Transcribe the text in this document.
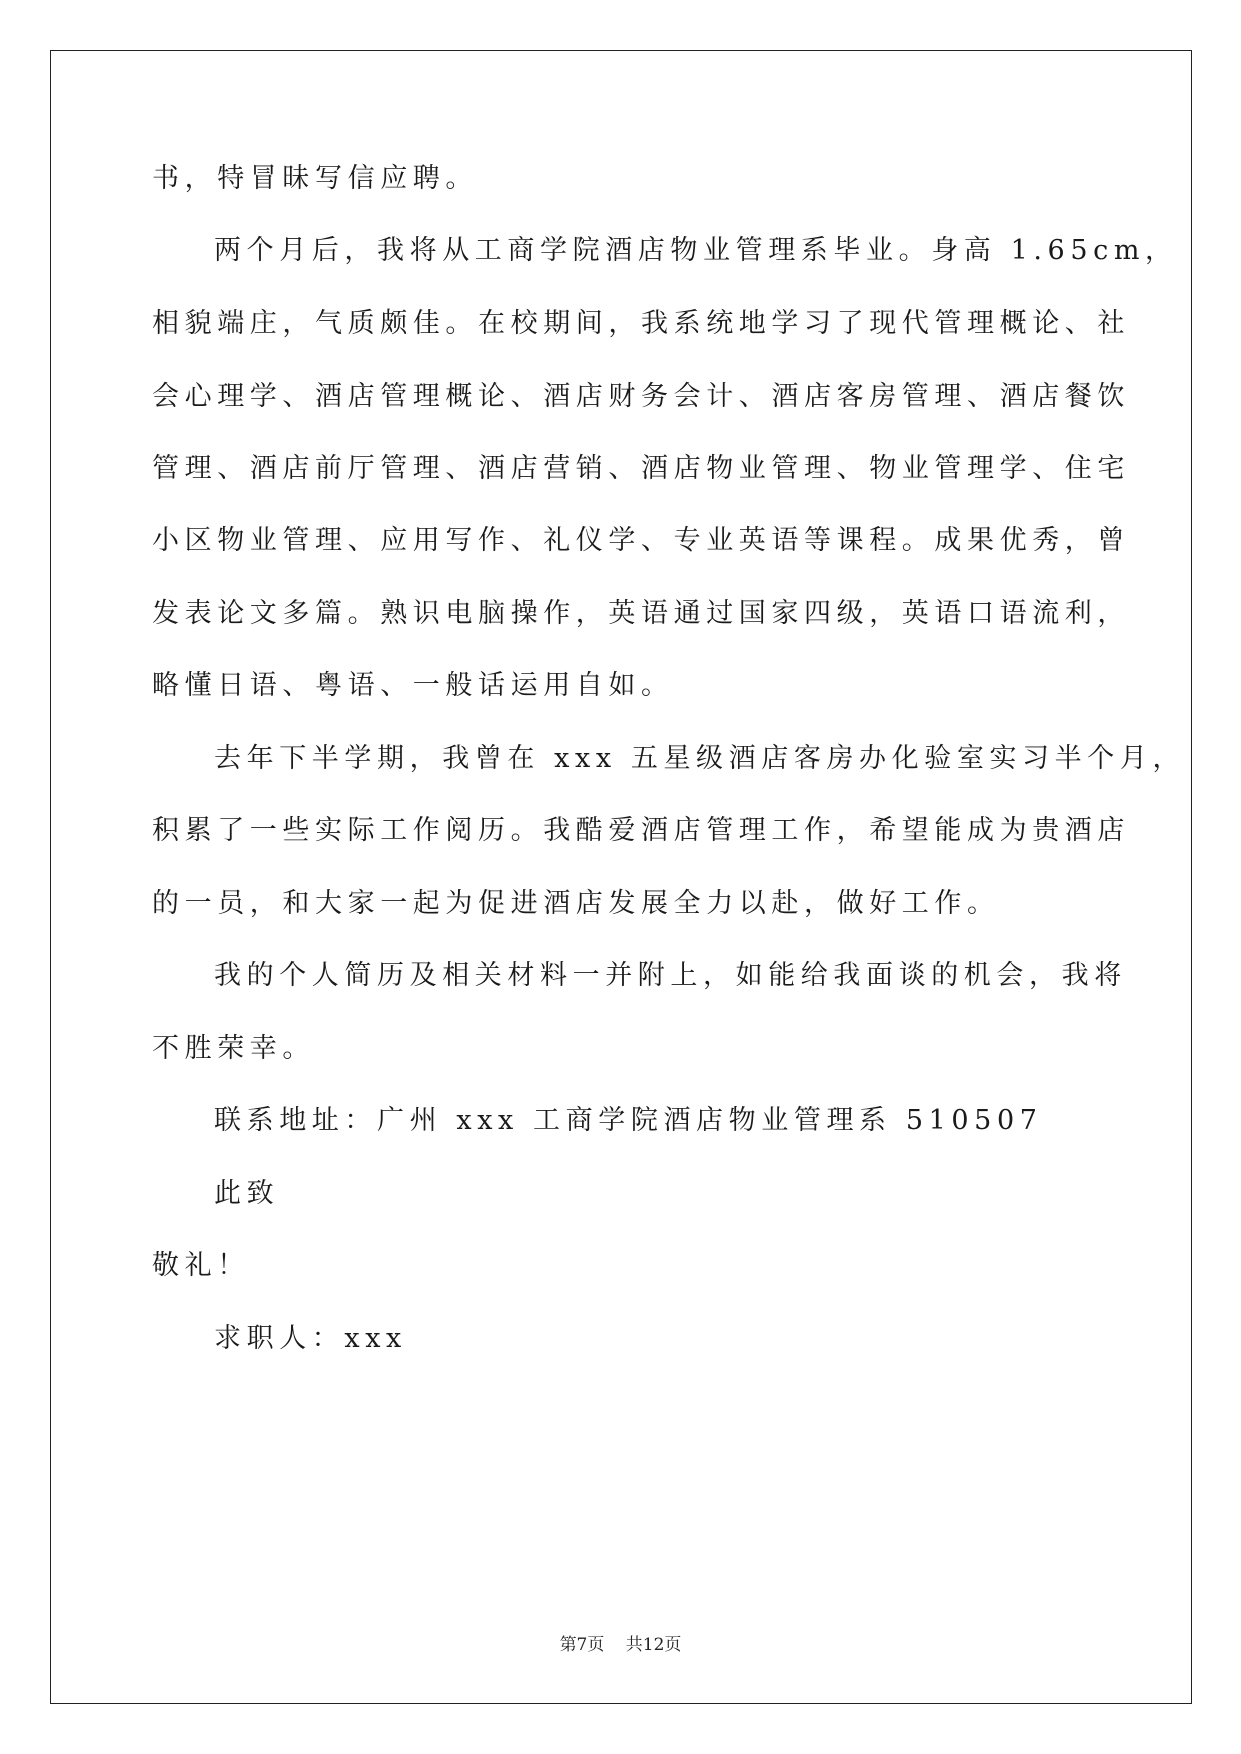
书，特冒昧写信应聘。
两个月后，我将从工商学院酒店物业管理系毕业。身高 1.65cm，
相貌端庄，气质颇佳。在校期间，我系统地学习了现代管理概论、社
会心理学、酒店管理概论、酒店财务会计、酒店客房管理、酒店餐饮
管理、酒店前厅管理、酒店营销、酒店物业管理、物业管理学、住宅
小区物业管理、应用写作、礼仪学、专业英语等课程。成果优秀，曾
发表论文多篇。熟识电脑操作，英语通过国家四级，英语口语流利，
略懂日语、粤语、一般话运用自如。
去年下半学期，我曾在 xxx 五星级酒店客房办化验室实习半个月，
积累了一些实际工作阅历。我酷爱酒店管理工作，希望能成为贵酒店
的一员，和大家一起为促进酒店发展全力以赴，做好工作。
我的个人简历及相关材料一并附上，如能给我面谈的机会，我将
不胜荣幸。
联系地址：广州 xxx 工商学院酒店物业管理系 510507
此致
敬礼！
求职人：xxx
第7页 共12页
